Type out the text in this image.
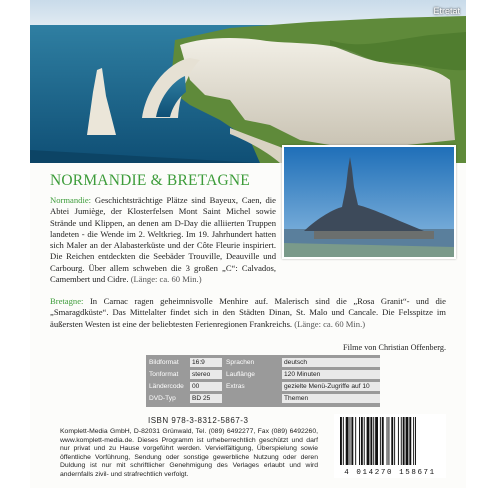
Etretat
NORMANDIE & BRETAGNE
Normandie: Geschichtsträchtige Plätze sind Bayeux, Caen, die Abtei Jumiège, der Klosterfelsen Mont Saint Michel sowie Strände und Klippen, an denen am D-Day die alliierten Truppen landeten - die Wende im 2. Weltkrieg. Im 19. Jahrhundert hatten sich Maler an der Alabasterküste und der Côte Fleurie inspiriert. Die Reichen entdeckten die Seebäder Trouville, Deauville und Carbourg. Über allem schweben die 3 großen „C“: Calvados, Camembert und Cidre. (Länge: ca. 60 Min.)
Bretagne: In Carnac ragen geheimnisvolle Menhire auf. Malerisch sind die „Rosa Granit“- und die „Smaragdküste“. Das Mittelalter findet sich in den Städten Dinan, St. Malo und Cancale. Die Felsspitze im äußersten Westen ist eine der beliebtesten Ferienregionen Frankreichs. (Länge: ca. 60 Min.)
Filme von Christian Offenberg.
Bildformat	16:9	Sprachen	deutsch
Tonformat	stereo	Lauflänge	120 Minuten
Ländercode	00	Extras	gezielte Menü-Zugriffe auf 10
DVD-Typ	BD 25	Themen
ISBN 978-3-8312-5867-3
Komplett-Media GmbH, D-82031 Grünwald, Tel. (089) 6492277, Fax (089) 6492260, www.komplett-media.de. Dieses Programm ist urheberrechtlich geschützt und darf nur privat und zu Hause vorgeführt werden. Vervielfältigung, Überspielung sowie öffentliche Vorführung, Sendung oder sonstige gewerbliche Nutzung oder deren Duldung ist nur mit schriftlicher Genehmigung des Verlages erlaubt und wird andernfalls zivil- und strafrechtlich verfolgt.	4 014270 158671
